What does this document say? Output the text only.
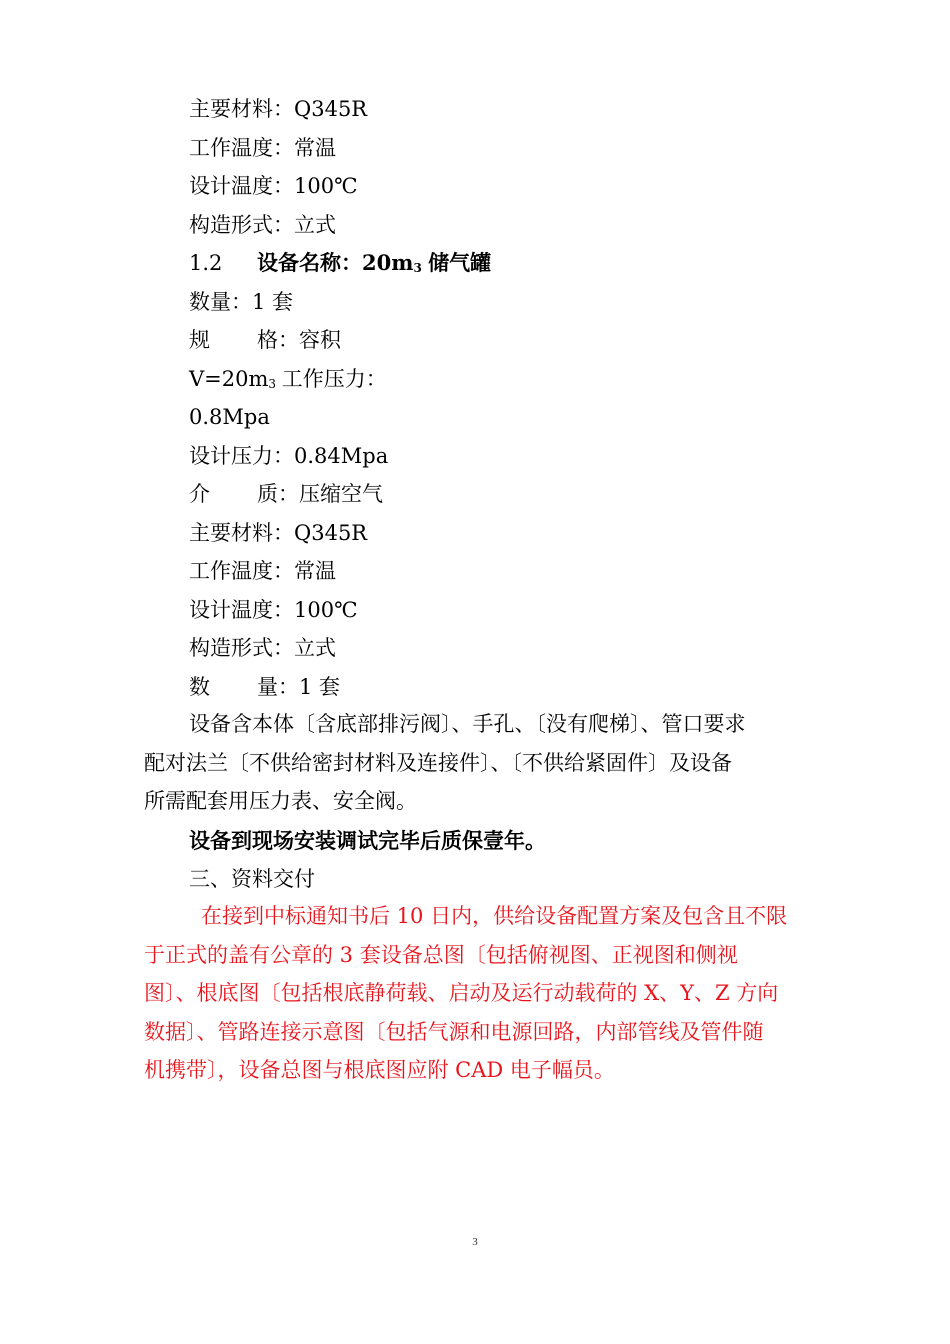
主要材料：Q345R
工作温度：常温
设计温度：100℃
构造形式：立式
1.2 设备名称：20m3 储气罐
数量：1 套
规 格：容积
V=20m3 工作压力：
0.8Mpa
设计压力：0.84Mpa
介 质：压缩空气
主要材料：Q345R
工作温度：常温
设计温度：100℃
构造形式：立式
数 量：1 套

设备含本体〔含底部排污阀〕、手孔、〔没有爬梯〕、管口要求

配对法兰〔不供给密封材料及连接件〕、〔不供给紧固件〕及设备

所需配套用压力表、安全阀。

设备到现场安装调试完毕后质保壹年。
三、资料交付

在接到中标通知书后 10 日内，供给设备配置方案及包含且不限

于正式的盖有公章的 3 套设备总图〔包括俯视图、正视图和侧视

图〕、根底图〔包括根底静荷载、启动及运行动载荷的 X、Y、Z 方向

数据〕、管路连接示意图〔包括气源和电源回路，内部管线及管件随

机携带〕，设备总图与根底图应附 CAD 电子幅员。

3
